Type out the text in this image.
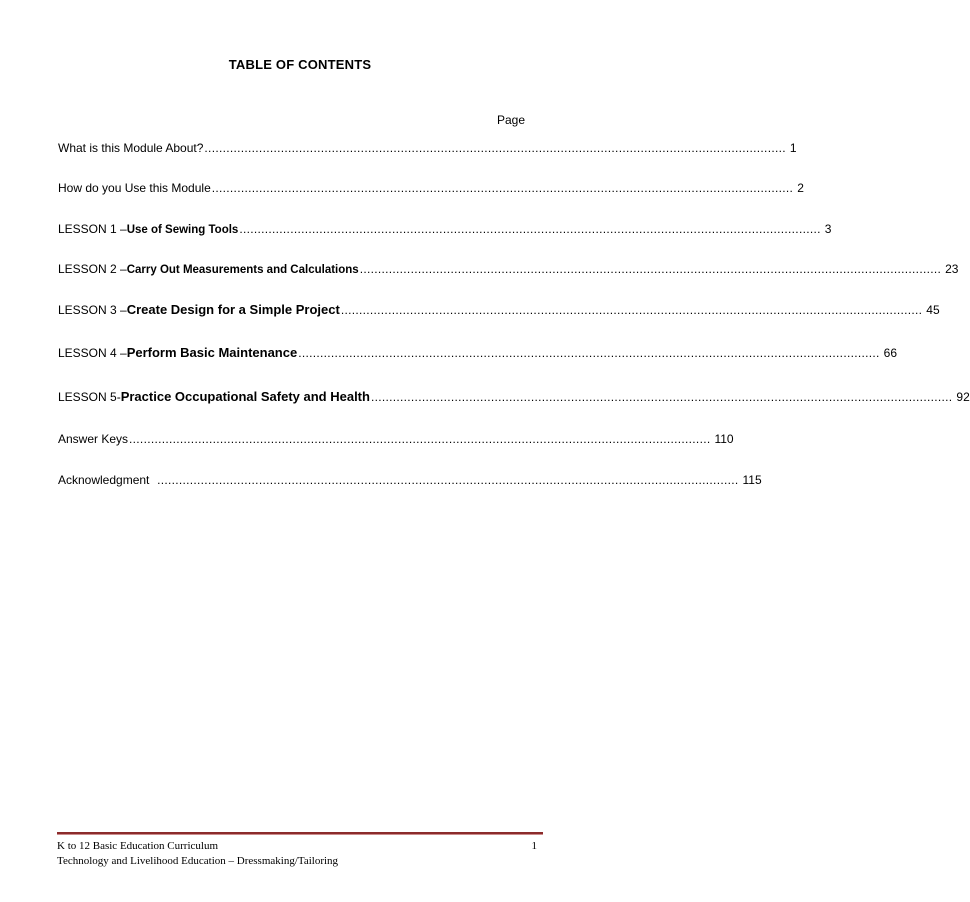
TABLE OF CONTENTS
Page
What is this Module About? ................................................................................................................................................................ 1
How do you Use this Module ................................................................................................................................................................ 2
LESSON 1 – Use of Sewing Tools ................................................................................................................................................................ 3
LESSON 2 – Carry Out Measurements and Calculations ................................................................................................................................................................ 23
LESSON 3 – Create Design for a Simple Project ................................................................................................................................................................ 45
LESSON 4 – Perform Basic Maintenance ................................................................................................................................................................ 66
LESSON 5- Practice Occupational Safety and Health ................................................................................................................................................................ 92
Answer Keys ................................................................................................................................................................ 110
Acknowledgment ................................................................................................................................................................ 115
K to 12 Basic Education Curriculum	1
Technology and Livelihood Education – Dressmaking/Tailoring
